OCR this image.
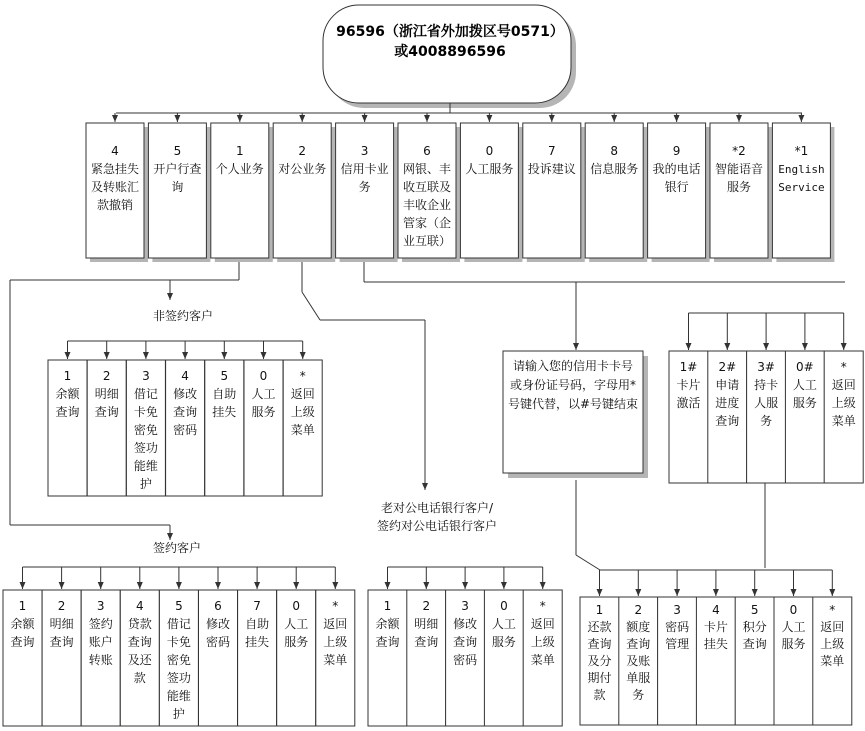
96596（浙江省外加拨区号0571）
或4008896596
4
紧急挂失
及转账汇
款撤销
5
开户行查
询
1
个人业务
2
对公业务
3
信用卡业
务
6
网银、丰
收互联及
丰收企业
管家（企
业互联）
0
人工服务
7
投诉建议
8
信息服务
9
我的电话
银行
*2
智能语音
服务
*1
English
Service
非签约客户
1
余额
查询
2
明细
查询
3
借记
卡免
密免
签功
能维
护
4
修改
查询
密码
5
自助
挂失
0
人工
服务
*
返回
上级
菜单
签约客户
1
余额
查询
2
明细
查询
3
签约
账户
转账
4
贷款
查询
及还
款
5
借记
卡免
密免
签功
能维
护
6
修改
密码
7
自助
挂失
0
人工
服务
*
返回
上级
菜单
老对公电话银行客户/
签约对公电话银行客户
1
余额
查询
2
明细
查询
3
修改
查询
密码
0
人工
服务
*
返回
上级
菜单
请输入您的信用卡卡号
或身份证号码，字母用*
号键代替，以#号键结束
1#
卡片
激活
2#
申请
进度
查询
3#
持卡
人服
务
0#
人工
服务
*
返回
上级
菜单
1
还款
查询
及分
期付
款
2
额度
查询
及账
单服
务
3
密码
管理
4
卡片
挂失
5
积分
查询
0
人工
服务
*
返回
上级
菜单
